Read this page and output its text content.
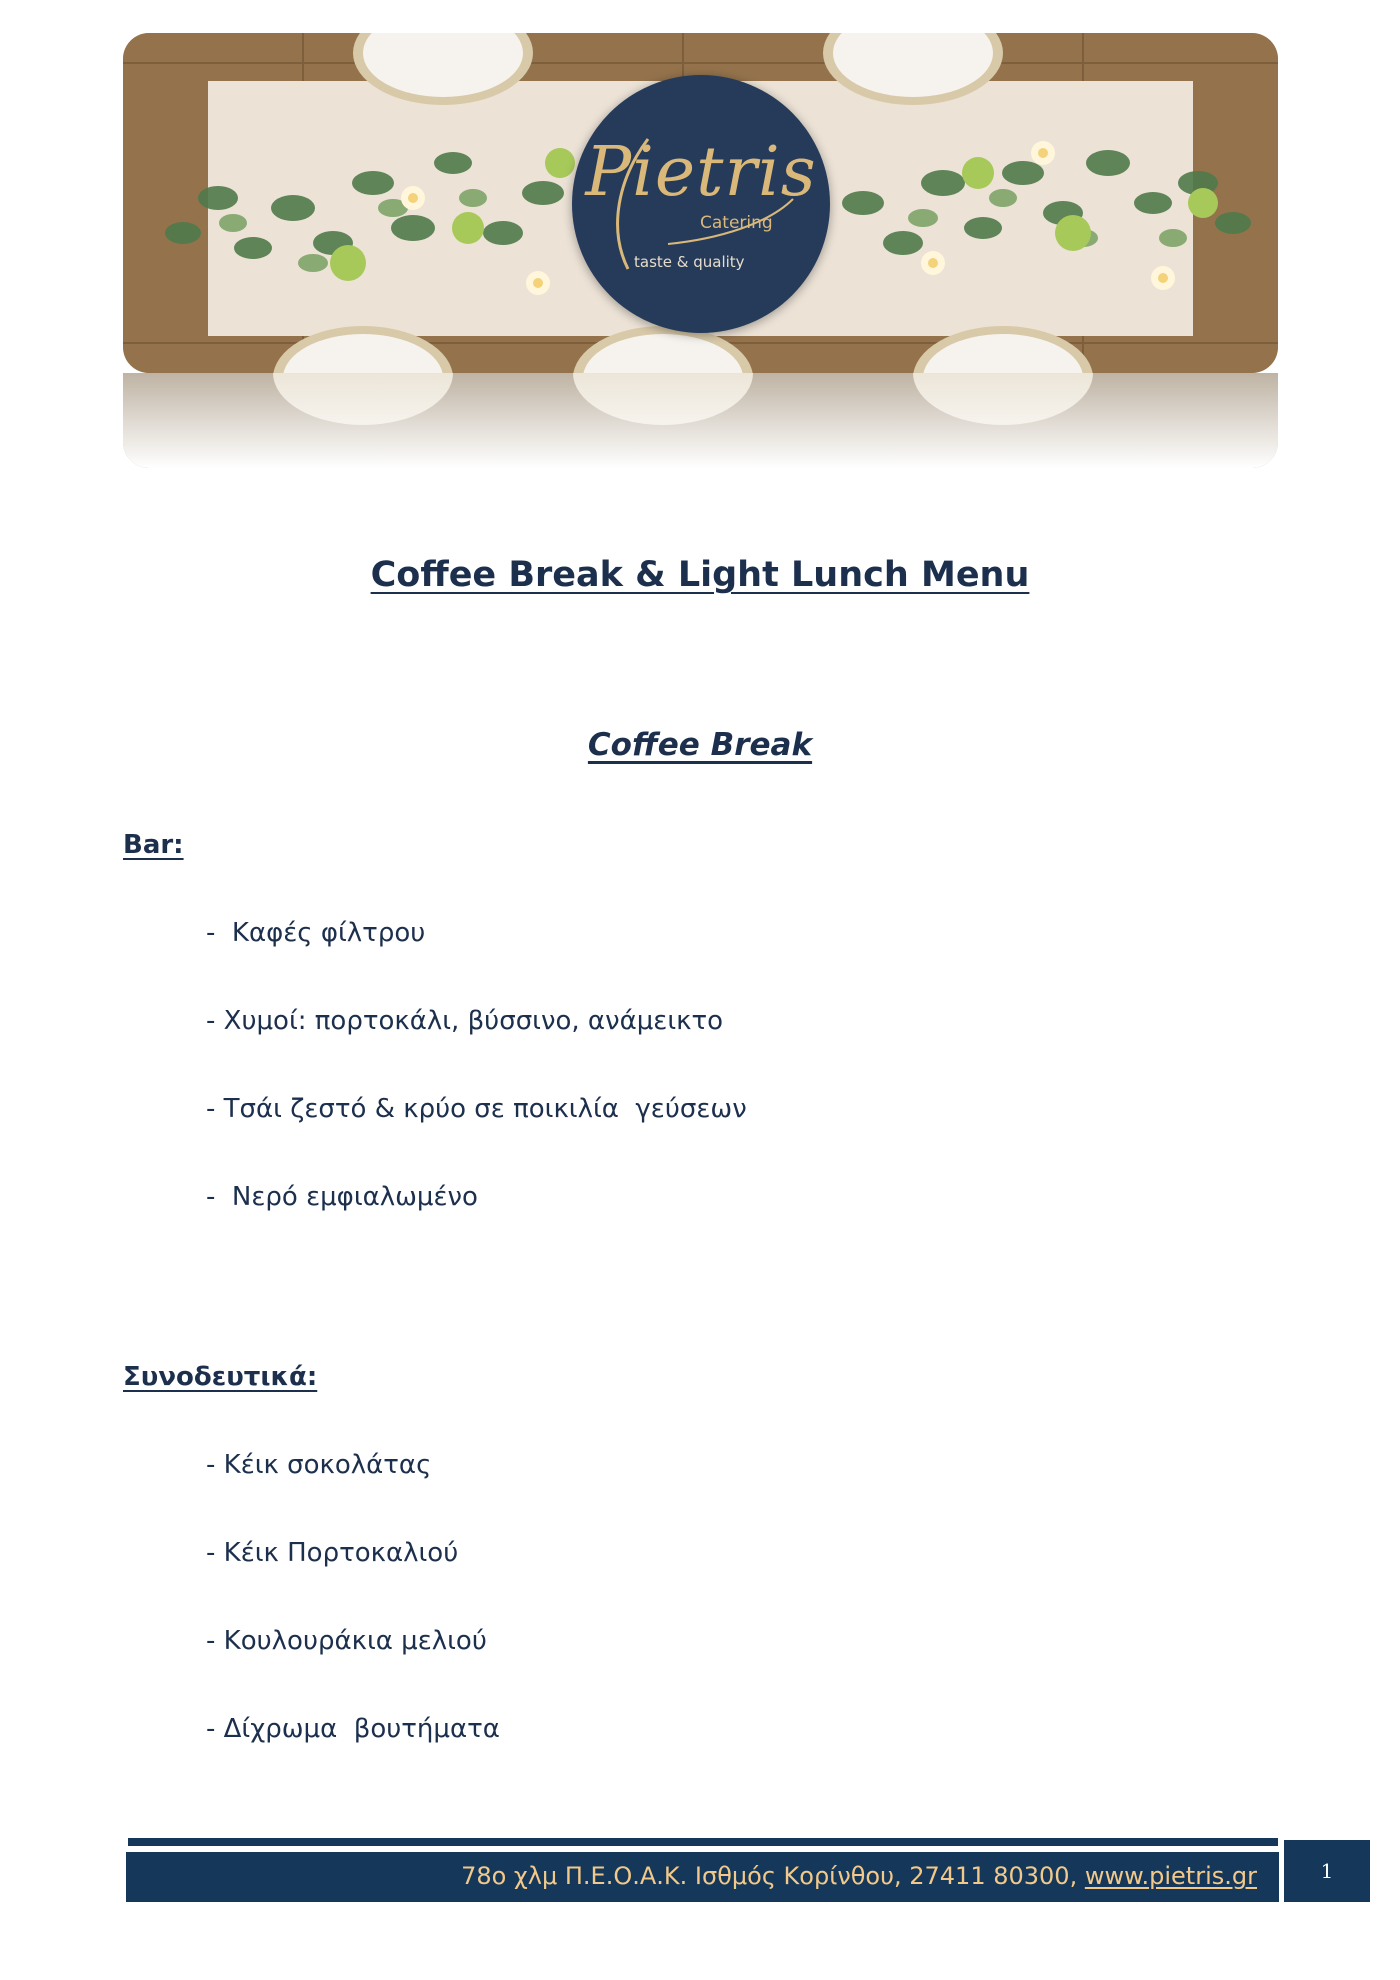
Pietris
Catering
taste & quality
Coffee Break & Light Lunch Menu
Coffee Break
Bar:
-  Καφές φίλτρου
- Χυμοί: πορτοκάλι, βύσσινο, ανάμεικτο
- Τσάι ζεστό & κρύο σε ποικιλία  γεύσεων
-  Νερό εμφιαλωμένο
Συνοδευτικά:
- Κέικ σοκολάτας
- Κέικ Πορτοκαλιού
- Κουλουράκια μελιού
- Δίχρωμα  βουτήματα
78ο χλμ Π.Ε.Ο.Α.Κ. Ισθμός Κορίνθου, 27411 80300, www.pietris.gr	1
